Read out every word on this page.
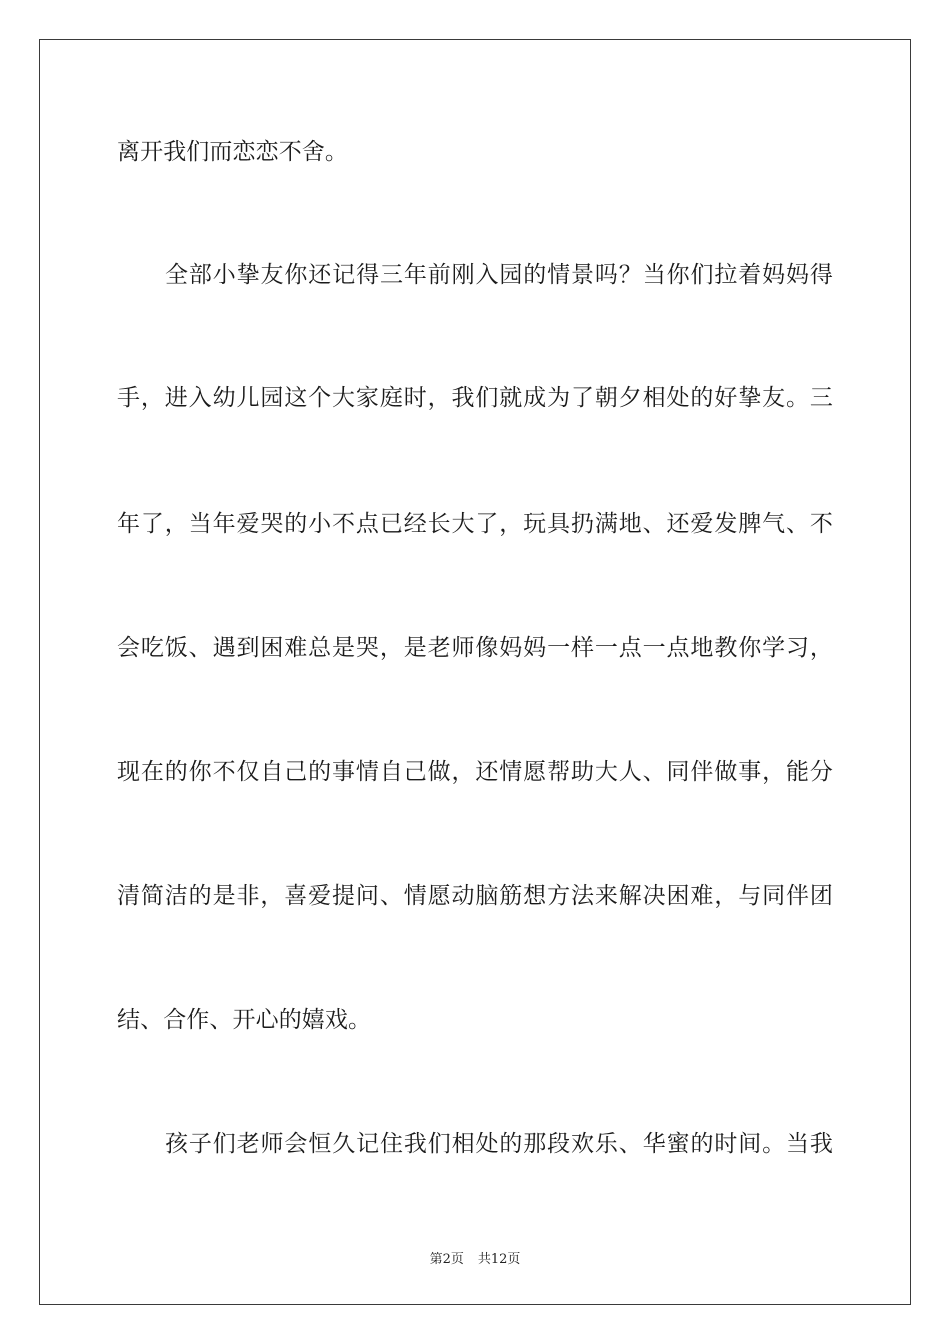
离开我们而恋恋不舍。
全部小挚友你还记得三年前刚入园的情景吗？当你们拉着妈妈得
手，进入幼儿园这个大家庭时，我们就成为了朝夕相处的好挚友。三
年了，当年爱哭的小不点已经长大了，玩具扔满地、还爱发脾气、不
会吃饭、遇到困难总是哭，是老师像妈妈一样一点一点地教你学习，
现在的你不仅自己的事情自己做，还情愿帮助大人、同伴做事，能分
清简洁的是非，喜爱提问、情愿动脑筋想方法来解决困难，与同伴团
结、合作、开心的嬉戏。
孩子们老师会恒久记住我们相处的那段欢乐、华蜜的时间。当我
第2页 共12页
